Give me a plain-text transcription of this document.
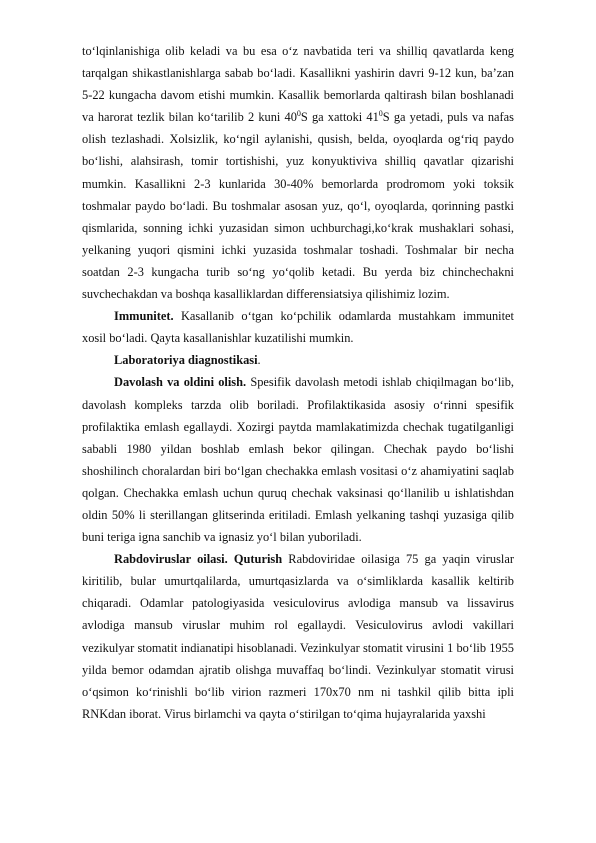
to‘lqinlanishiga olib keladi va bu esa o‘z navbatida teri va shilliq qavatlarda keng tarqalgan shikastlanishlarga sabab bo‘ladi. Kasallikni yashirin davri 9-12 kun, ba’zan 5-22 kungacha davom etishi mumkin. Kasallik bemorlarda qaltirash bilan boshlanadi va harorat tezlik bilan ko‘tarilib 2 kuni $40^0S$ ga xattoki $41^0S$ ga yetadi, puls va nafas olish tezlashadi. Xolsizlik, ko‘ngil aylanishi, qusish, belda, oyoqlarda og‘riq paydo bo‘lishi, alahsirash, tomir tortishishi, yuz konyuktiviva shilliq qavatlar qizarishi mumkin. Kasallikni 2-3 kunlarida 30-40% bemorlarda prodromom yoki toksik toshmalar paydo bo‘ladi. Bu toshmalar asosan yuz, qo‘l, oyoqlarda, qorinning pastki qismlarida, sonning ichki yuzasidan simon uchburchagi,ko‘krak mushaklari sohasi, yelkaning yuqori qismini ichki yuzasida toshmalar toshadi. Toshmalar bir necha soatdan 2-3 kungacha turib so‘ng yo‘qolib ketadi. Bu yerda biz chinchechakni suvchechakdan va boshqa kasalliklardan differensiatsiya qilishimiz lozim.

Immunitet. Kasallanib o‘tgan ko‘pchilik odamlarda mustahkam immunitet xosil bo‘ladi. Qayta kasallanishlar kuzatilishi mumkin.

Laboratoriya diagnostikasi.

Davolash va oldini olish. Spesifik davolash metodi ishlab chiqilmagan bo‘lib, davolash kompleks tarzda olib boriladi. Profilaktikasida asosiy o‘rinni spesifik profilaktika emlash egallaydi. Xozirgi paytda mamlakatimizda chechak tugatilganligi sababli 1980 yildan boshlab emlash bekor qilingan. Chechak paydo bo‘lishi shoshilinch choralardan biri bo‘lgan chechakka emlash vositasi o‘z ahamiyatini saqlab qolgan. Chechakka emlash uchun quruq chechak vaksinasi qo‘llanilib u ishlatishdan oldin 50% li sterillangan glitserinda eritiladi. Emlash yelkaning tashqi yuzasiga qilib buni teriga igna sanchib va ignasiz yo‘l bilan yuboriladi.

Rabdoviruslar oilasi. Quturish Rabdoviridae oilasiga 75 ga yaqin viruslar kiritilib, bular umurtqalilarda, umurtqasizlarda va o‘simliklarda kasallik keltirib chiqaradi. Odamlar patologiyasida vesiculovirus avlodiga mansub va lissavirus avlodiga mansub viruslar muhim rol egallaydi. Vesiculovirus avlodi vakillari vezikulyar stomatit indianatipi hisoblanadi. Vezinkulyar stomatit virusini 1 bo‘lib 1955 yilda bemor odamdan ajratib olishga muvaffaq bo‘lindi. Vezinkulyar stomatit virusi o‘qsimon ko‘rinishli bo‘lib virion razmeri 170x70 nm ni tashkil qilib bitta ipli RNKdan iborat. Virus birlamchi va qayta o‘stirilgan to‘qima hujayralarida yaxshi
